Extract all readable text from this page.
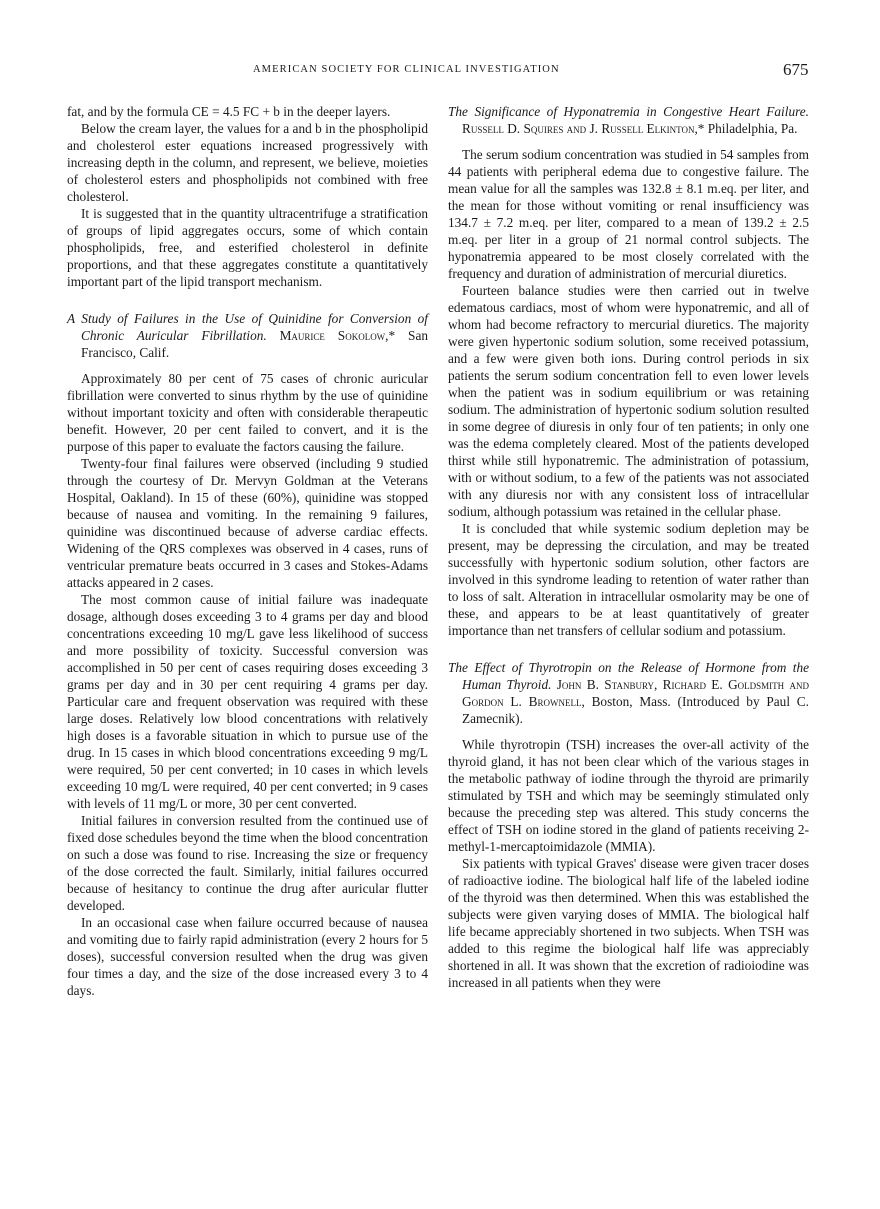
AMERICAN SOCIETY FOR CLINICAL INVESTIGATION	675

fat, and by the formula CE = 4.5 FC + b in the deeper layers.

Below the cream layer, the values for a and b in the phospholipid and cholesterol ester equations increased progressively with increasing depth in the column, and represent, we believe, moieties of cholesterol esters and phospholipids not combined with free cholesterol.

It is suggested that in the quantity ultracentrifuge a stratification of groups of lipid aggregates occurs, some of which contain phospholipids, free, and esterified cholesterol in definite proportions, and that these aggregates constitute a quantitatively important part of the lipid transport mechanism.

A Study of Failures in the Use of Quinidine for Conversion of Chronic Auricular Fibrillation. Maurice Sokolow,* San Francisco, Calif.

Approximately 80 per cent of 75 cases of chronic auricular fibrillation were converted to sinus rhythm by the use of quinidine without important toxicity and often with considerable therapeutic benefit. However, 20 per cent failed to convert, and it is the purpose of this paper to evaluate the factors causing the failure.

Twenty-four final failures were observed (including 9 studied through the courtesy of Dr. Mervyn Goldman at the Veterans Hospital, Oakland). In 15 of these (60%), quinidine was stopped because of nausea and vomiting. In the remaining 9 failures, quinidine was discontinued because of adverse cardiac effects. Widening of the QRS complexes was observed in 4 cases, runs of ventricular premature beats occurred in 3 cases and Stokes-Adams attacks appeared in 2 cases.

The most common cause of initial failure was inadequate dosage, although doses exceeding 3 to 4 grams per day and blood concentrations exceeding 10 mg/L gave less likelihood of success and more possibility of toxicity. Successful conversion was accomplished in 50 per cent of cases requiring doses exceeding 3 grams per day and in 30 per cent requiring 4 grams per day. Particular care and frequent observation was required with these large doses. Relatively low blood concentrations with relatively high doses is a favorable situation in which to pursue use of the drug. In 15 cases in which blood concentrations exceeding 9 mg/L were required, 50 per cent converted; in 10 cases in which levels exceeding 10 mg/L were required, 40 per cent converted; in 9 cases with levels of 11 mg/L or more, 30 per cent converted.

Initial failures in conversion resulted from the continued use of fixed dose schedules beyond the time when the blood concentration on such a dose was found to rise. Increasing the size or frequency of the dose corrected the fault. Similarly, initial failures occurred because of hesitancy to continue the drug after auricular flutter developed.

In an occasional case when failure occurred because of nausea and vomiting due to fairly rapid administration (every 2 hours for 5 doses), successful conversion resulted when the drug was given four times a day, and the size of the dose increased every 3 to 4 days.

The Significance of Hyponatremia in Congestive Heart Failure. Russell D. Squires and J. Russell Elkinton,* Philadelphia, Pa.

The serum sodium concentration was studied in 54 samples from 44 patients with peripheral edema due to congestive failure. The mean value for all the samples was 132.8 ± 8.1 m.eq. per liter, and the mean for those without vomiting or renal insufficiency was 134.7 ± 7.2 m.eq. per liter, compared to a mean of 139.2 ± 2.5 m.eq. per liter in a group of 21 normal control subjects. The hyponatremia appeared to be most closely correlated with the frequency and duration of administration of mercurial diuretics.

Fourteen balance studies were then carried out in twelve edematous cardiacs, most of whom were hyponatremic, and all of whom had become refractory to mercurial diuretics. The majority were given hypertonic sodium solution, some received potassium, and a few were given both ions. During control periods in six patients the serum sodium concentration fell to even lower levels when the patient was in sodium equilibrium or was retaining sodium. The administration of hypertonic sodium solution resulted in some degree of diuresis in only four of ten patients; in only one was the edema completely cleared. Most of the patients developed thirst while still hyponatremic. The administration of potassium, with or without sodium, to a few of the patients was not associated with any diuresis nor with any consistent loss of intracellular sodium, although potassium was retained in the cellular phase.

It is concluded that while systemic sodium depletion may be present, may be depressing the circulation, and may be treated successfully with hypertonic sodium solution, other factors are involved in this syndrome leading to retention of water rather than to loss of salt. Alteration in intracellular osmolarity may be one of these, and appears to be at least quantitatively of greater importance than net transfers of cellular sodium and potassium.

The Effect of Thyrotropin on the Release of Hormone from the Human Thyroid. John B. Stanbury, Richard E. Goldsmith and Gordon L. Brownell, Boston, Mass. (Introduced by Paul C. Zamecnik).

While thyrotropin (TSH) increases the over-all activity of the thyroid gland, it has not been clear which of the various stages in the metabolic pathway of iodine through the thyroid are primarily stimulated by TSH and which may be seemingly stimulated only because the preceding step was altered. This study concerns the effect of TSH on iodine stored in the gland of patients receiving 2-methyl-1-mercaptoimidazole (MMIA).

Six patients with typical Graves' disease were given tracer doses of radioactive iodine. The biological half life of the labeled iodine of the thyroid was then determined. When this was established the subjects were given varying doses of MMIA. The biological half life became appreciably shortened in two subjects. When TSH was added to this regime the biological half life was appreciably shortened in all. It was shown that the excretion of radioiodine was increased in all patients when they were
